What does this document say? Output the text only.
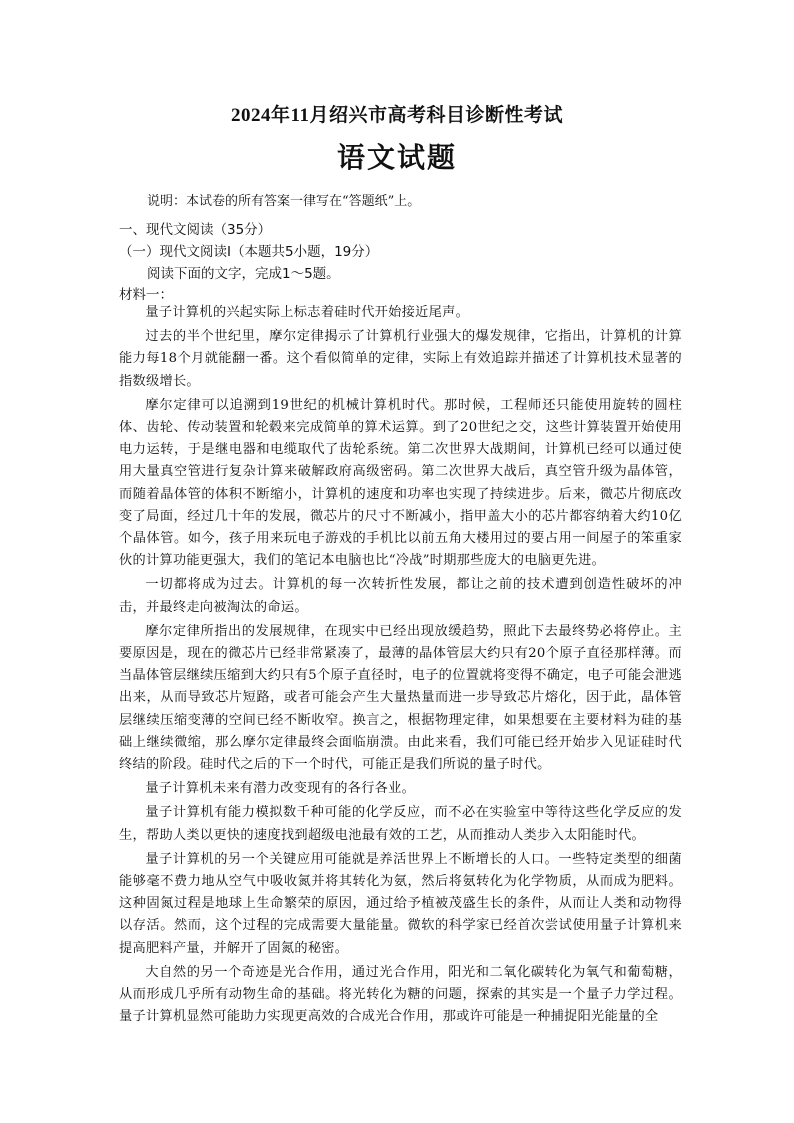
2024年11月绍兴市高考科目诊断性考试
语文试题
说明：本试卷的所有答案一律写在“答题纸”上。
一、现代文阅读（35分）
（一）现代文阅读Ⅰ（本题共5小题，19分）
阅读下面的文字，完成1～5题。
材料一：

量子计算机的兴起实际上标志着硅时代开始接近尾声。

过去的半个世纪里，摩尔定律揭示了计算机行业强大的爆发规律，它指出，计算机的计算能力每18个月就能翻一番。这个看似简单的定律，实际上有效追踪并描述了计算机技术显著的指数级增长。

摩尔定律可以追溯到19世纪的机械计算机时代。那时候，工程师还只能使用旋转的圆柱体、齿轮、传动装置和轮毂来完成简单的算术运算。到了20世纪之交，这些计算装置开始使用电力运转，于是继电器和电缆取代了齿轮系统。第二次世界大战期间，计算机已经可以通过使用大量真空管进行复杂计算来破解政府高级密码。第二次世界大战后，真空管升级为晶体管，而随着晶体管的体积不断缩小，计算机的速度和功率也实现了持续进步。后来，微芯片彻底改变了局面，经过几十年的发展，微芯片的尺寸不断减小，指甲盖大小的芯片都容纳着大约10亿个晶体管。如今，孩子用来玩电子游戏的手机比以前五角大楼用过的要占用一间屋子的笨重家伙的计算功能更强大，我们的笔记本电脑也比“冷战”时期那些庞大的电脑更先进。

一切都将成为过去。计算机的每一次转折性发展，都让之前的技术遭到创造性破坏的冲击，并最终走向被淘汰的命运。

摩尔定律所指出的发展规律，在现实中已经出现放缓趋势，照此下去最终势必将停止。主要原因是，现在的微芯片已经非常紧凑了，最薄的晶体管层大约只有20个原子直径那样薄。而当晶体管层继续压缩到大约只有5个原子直径时，电子的位置就将变得不确定，电子可能会泄逃出来，从而导致芯片短路，或者可能会产生大量热量而进一步导致芯片熔化，因于此，晶体管层继续压缩变薄的空间已经不断收窄。换言之，根据物理定律，如果想要在主要材料为硅的基础上继续微缩，那么摩尔定律最终会面临崩溃。由此来看，我们可能已经开始步入见证硅时代终结的阶段。硅时代之后的下一个时代，可能正是我们所说的量子时代。

量子计算机未来有潜力改变现有的各行各业。

量子计算机有能力模拟数千种可能的化学反应，而不必在实验室中等待这些化学反应的发生，帮助人类以更快的速度找到超级电池最有效的工艺，从而推动人类步入太阳能时代。

量子计算机的另一个关键应用可能就是养活世界上不断增长的人口。一些特定类型的细菌能够毫不费力地从空气中吸收氮并将其转化为氨，然后将氨转化为化学物质，从而成为肥料。这种固氮过程是地球上生命繁荣的原因，通过给予植被茂盛生长的条件，从而让人类和动物得以存活。然而，这个过程的完成需要大量能量。微软的科学家已经首次尝试使用量子计算机来提高肥料产量，并解开了固氮的秘密。

大自然的另一个奇迹是光合作用，通过光合作用，阳光和二氧化碳转化为氧气和葡萄糖，从而形成几乎所有动物生命的基础。将光转化为糖的问题，探索的其实是一个量子力学过程。量子计算机显然可能助力实现更高效的合成光合作用，那或许可能是一种捕捉阳光能量的全
